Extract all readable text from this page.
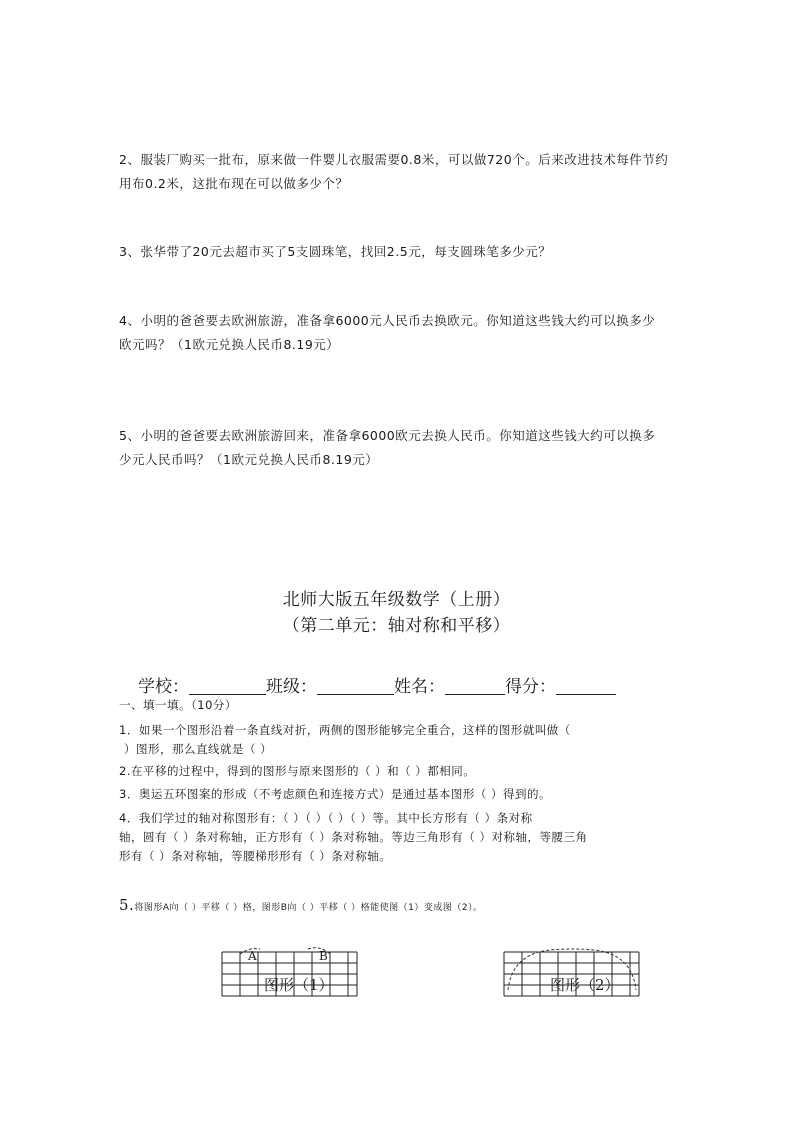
2、服装厂购买一批布，原来做一件婴儿衣服需要0.8米，可以做720个。后来改进技术每件节约
用布0.2米，这批布现在可以做多少个？
3、张华带了20元去超市买了5支圆珠笔，找回2.5元，每支圆珠笔多少元？
4、小明的爸爸要去欧洲旅游，准备拿6000元人民币去换欧元。你知道这些钱大约可以换多少
欧元吗？（1欧元兑换人民币8.19元）
5、小明的爸爸要去欧洲旅游回来，准备拿6000欧元去换人民币。你知道这些钱大约可以换多
少元人民币吗？（1欧元兑换人民币8.19元）
北师大版五年级数学（上册）
（第二单元：轴对称和平移）
学校：	班级：	姓名：	得分：
一、填一填。（10分）
1．如果一个图形沿着一条直线对折，两侧的图形能够完全重合，这样的图形就叫做（
）图形，那么直线就是（ ）
2.在平移的过程中，得到的图形与原来图形的（ ）和（ ）都相同。
3．奥运五环图案的形成（不考虑颜色和连接方式）是通过基本图形（ ）得到的。
4．我们学过的轴对称图形有：（ ）（ ）（ ）（ ）等。其中长方形有（ ）条对称
轴，圆有（ ）条对称轴，正方形有（ ）条对称轴。等边三角形有（ ）对称轴，等腰三角
形有（ ）条对称轴，等腰梯形形有（ ）条对称轴。
5.将图形A向（ ）平移（ ）格，图形B向（ ）平移（ ）格能使图（1）变成图（2）。
A	B
图形（1）	图形（2）
